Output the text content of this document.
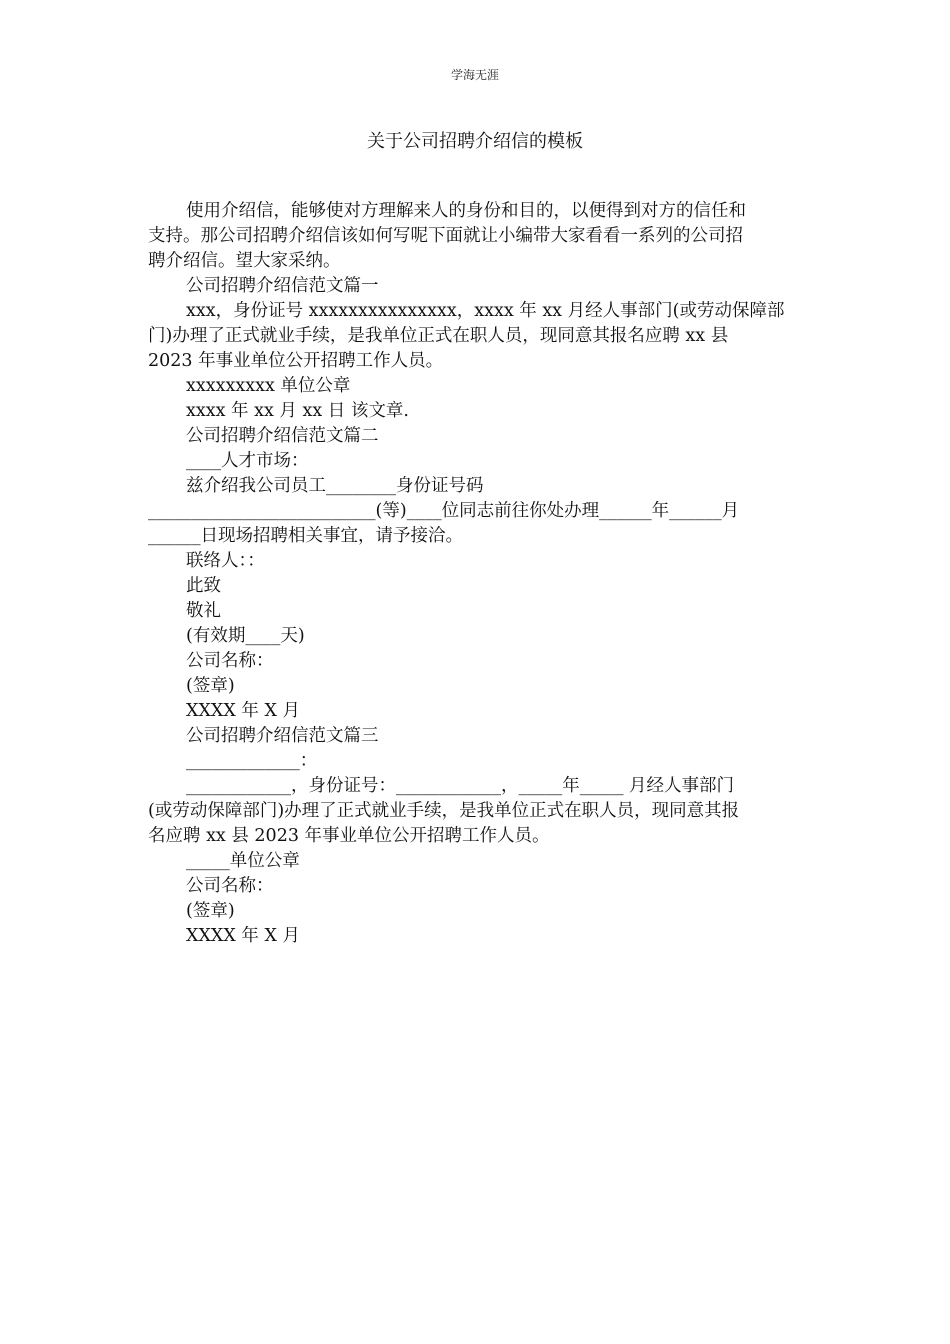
学海无涯
关于公司招聘介绍信的模板
使用介绍信，能够使对方理解来人的身份和目的，以便得到对方的信任和
支持。那公司招聘介绍信该如何写呢下面就让小编带大家看看一系列的公司招
聘介绍信。望大家采纳。
公司招聘介绍信范文篇一
xxx，身份证号 xxxxxxxxxxxxxxx，xxxx 年 xx 月经人事部门(或劳动保障部
门)办理了正式就业手续，是我单位正式在职人员，现同意其报名应聘 xx 县
2023 年事业单位公开招聘工作人员。
xxxxxxxxx 单位公章
xxxx 年 xx 月 xx 日 该文章.
公司招聘介绍信范文篇二
____人才市场：
兹介绍我公司员工________身份证号码
__________________________(等)____位同志前往你处办理______年______月
______日现场招聘相关事宜，请予接洽。
联络人：：
此致
敬礼
(有效期____天)
公司名称：
(签章)
XXXX 年 X 月
公司招聘介绍信范文篇三
_____________：
____________，身份证号：____________，_____年_____ 月经人事部门
(或劳动保障部门)办理了正式就业手续，是我单位正式在职人员，现同意其报
名应聘 xx 县 2023 年事业单位公开招聘工作人员。
_____单位公章
公司名称：
(签章)
XXXX 年 X 月
